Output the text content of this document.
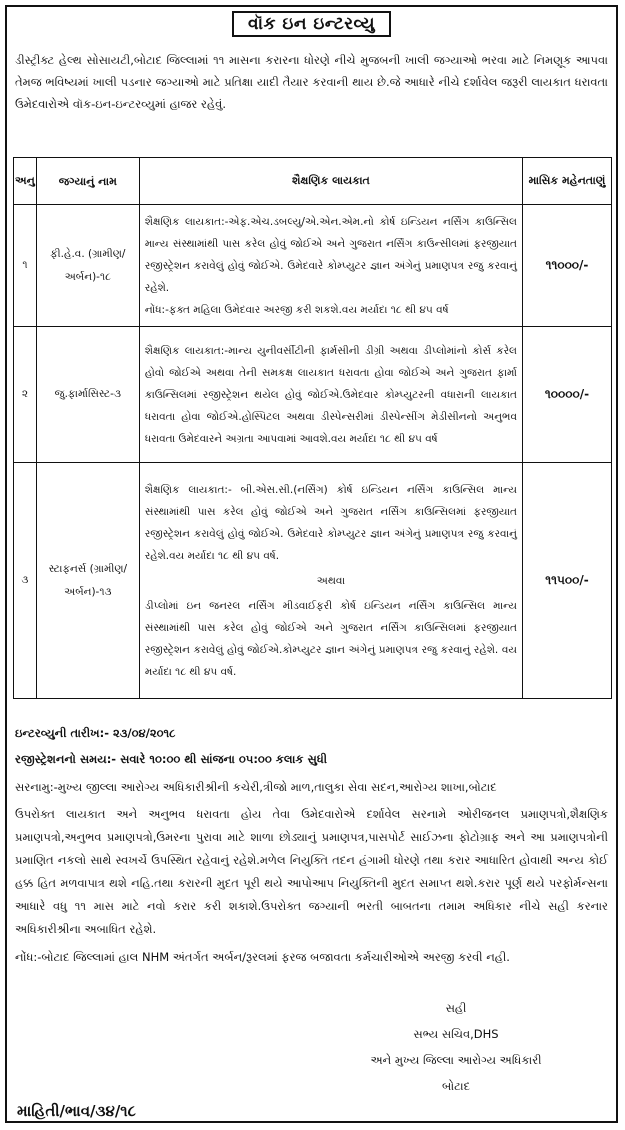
વૉક ઇન ઇન્ટરવ્યુ
ડીસ્ટ્રીક્ટ હેલ્થ સોસાયટી,બોટાદ જિલ્લામાં ૧૧ માસના કરારના ધોરણે નીચે મુજબની ખાલી જગ્યાઓ ભરવા માટે નિમણૂક આપવા તેમજ ભવિષ્યમાં ખાલી પડનાર જગ્યાઓ માટે પ્રતિક્ષા યાદી તૈયાર કરવાની થાય છે.જે આધારે નીચે દર્શાવેલ જરૂરી લાયકાત ધરાવતા ઉમેદવારોએ વૉક-ઇન-ઇન્ટરવ્યુમાં હાજર રહેવું.
અનુ	જગ્યાનું નામ	શૈક્ષણિક લાયકાત	માસિક મહેનતાણું
૧	ફી.હે.વ. (ગ્રામીણ/અર્બન)-૧૮	શૈક્ષણિક લાયકાત:-એફ.એચ.ડબલ્યુ/એ.એન.એમ.નો કોર્ષ ઇન્ડિયન નર્સિંગ કાઉન્સિલ માન્ય સંસ્થામાંથી પાસ કરેલ હોવું જોઈએ અને ગુજરાત નર્સિંગ કાઉન્સીલમાં ફરજીયાત રજીસ્ટ્રેશન કરાવેલું હોવું જોઈએ. ઉમેદવારે કોમ્પ્યુટર જ્ઞાન અંગેનું પ્રમાણપત્ર રજુ કરવાનું રહેશે.

નોંધ:-ફક્ત મહિલા ઉમેદવાર અરજી કરી શકશે.વય મર્યાદા ૧૮ થી ૪૫ વર્ષ	૧૧૦૦૦/-
૨	જુ.ફાર્માસિસ્ટ-૩	શૈક્ષણિક લાયકાત:-માન્ય યુનીવર્સીટીની ફાર્મસીની ડીગ્રી અથવા ડીપ્લોમાંનો કોર્સ કરેલ હોવો જોઈએ અથવા તેની સમકક્ષ લાયકાત ધરાવતા હોવા જોઈએ અને ગુજરાત ફાર્મા કાઉન્સિલમાં રજીસ્ટ્રેશન થયેલ હોવું જોઈએ.ઉમેદવાર કોમ્પ્યુટરની વધારાની લાયકાત ધરાવતા હોવા જોઈએ.હોસ્પિટલ અથવા ડીસ્પેન્સરીમાં ડીસ્પેન્સીંગ મેડીસીનનો અનુભવ ધરાવતા ઉમેદવારને અગ્રતા આપવામાં આવશે.વય મર્યાદા ૧૮ થી ૪૫ વર્ષ	૧૦૦૦૦/-
૩	સ્ટાફનર્સ (ગ્રામીણ/અર્બન)-૧૩	શૈક્ષણિક લાયકાત:- બી.એસ.સી.(નર્સિંગ) કોર્ષ ઇન્ડિયન નર્સિંગ કાઉન્સિલ માન્ય સંસ્થામાંથી પાસ કરેલ હોવું જોઈએ અને ગુજરાત નર્સિંગ કાઉન્સિલમાં ફરજીયાત રજીસ્ટ્રેશન કરાવેલું હોવું જોઈએ. ઉમેદવારે કોમ્પ્યુટર જ્ઞાન અંગેનું પ્રમાણપત્ર રજુ કરવાનું રહેશે.વય મર્યાદા ૧૮ થી ૪૫ વર્ષ.

અથવા

ડીપ્લોમાં ઇન જનરલ નર્સિંગ મીડવાઈફરી કોર્ષ ઇન્ડિયન નર્સિંગ કાઉન્સિલ માન્ય સંસ્થામાંથી પાસ કરેલ હોવું જોઈએ અને ગુજરાત નર્સિંગ કાઉન્સિલમાં ફરજીયાત રજીસ્ટ્રેશન કરાવેલું હોવું જોઈએ.કોમ્પ્યુટર જ્ઞાન અંગેનું પ્રમાણપત્ર રજુ કરવાનું રહેશે. વય મર્યાદા ૧૮ થી ૪૫ વર્ષ.	૧૧૫૦૦/-

ઇન્ટરવ્યુની તારીખ:- ૨૩/૦૪/૨૦૧૮

રજીસ્ટ્રેશનનો સમય:- સવારે ૧૦:૦૦ થી સાંજના ૦૫:૦૦ કલાક સુધી

સરનામુ:-મુખ્ય જીલ્લા આરોગ્ય અધિકારીશ્રીની કચેરી,ત્રીજો માળ,તાલુકા સેવા સદન,આરોગ્ય શાખા,બોટાદ

ઉપરોક્ત લાયકાત અને અનુભવ ધરાવતા હોય તેવા ઉમેદવારોએ દર્શાવેલ સરનામે ઓરીજનલ પ્રમાણપત્રો,શૈક્ષણિક પ્રમાણપત્રો,અનુભવ પ્રમાણપત્રો,ઉમરના પુરાવા માટે શાળા છોડ્યાનું પ્રમાણપત્ર,પાસપોર્ટ સાઈઝના ફોટોગ્રાફ અને આ પ્રમાણપત્રોની પ્રમાણિત નકલો સાથે સ્વખર્ચે ઉપસ્થિત રહેવાનું રહેશે.મળેલ નિયુક્તિ તદન હંગામી ધોરણે તથા કરાર આધારિત હોવાથી અન્ય કોઈ હક્ક હિત મળવાપાત્ર થશે નહિ.તથા કરારની મુદત પૂરી થયે આપોઆપ નિયુક્તિની મુદત સમાપ્ત થશે.કરાર પૂર્ણ થયે પરફોર્મન્સના આધારે વધુ ૧૧ માસ માટે નવો કરાર કરી શકાશે.ઉપરોક્ત જગ્યાની ભરતી બાબતના તમામ અધિકાર નીચે સહી કરનાર અધિકારીશ્રીના અબાધિત રહેશે.

નોંધ:-બોટાદ જિલ્લામાં હાલ NHM અંતર્ગત અર્બન/રૂરલમાં ફરજ બજાવતા કર્મચારીઓએ અરજી કરવી નહી.

સહી
સભ્ય સચિવ,DHS
અને મુખ્ય જિલ્લા આરોગ્ય અધિકારી
બોટાદ
માહિતી/ભાવ/૩૪/૧૮
